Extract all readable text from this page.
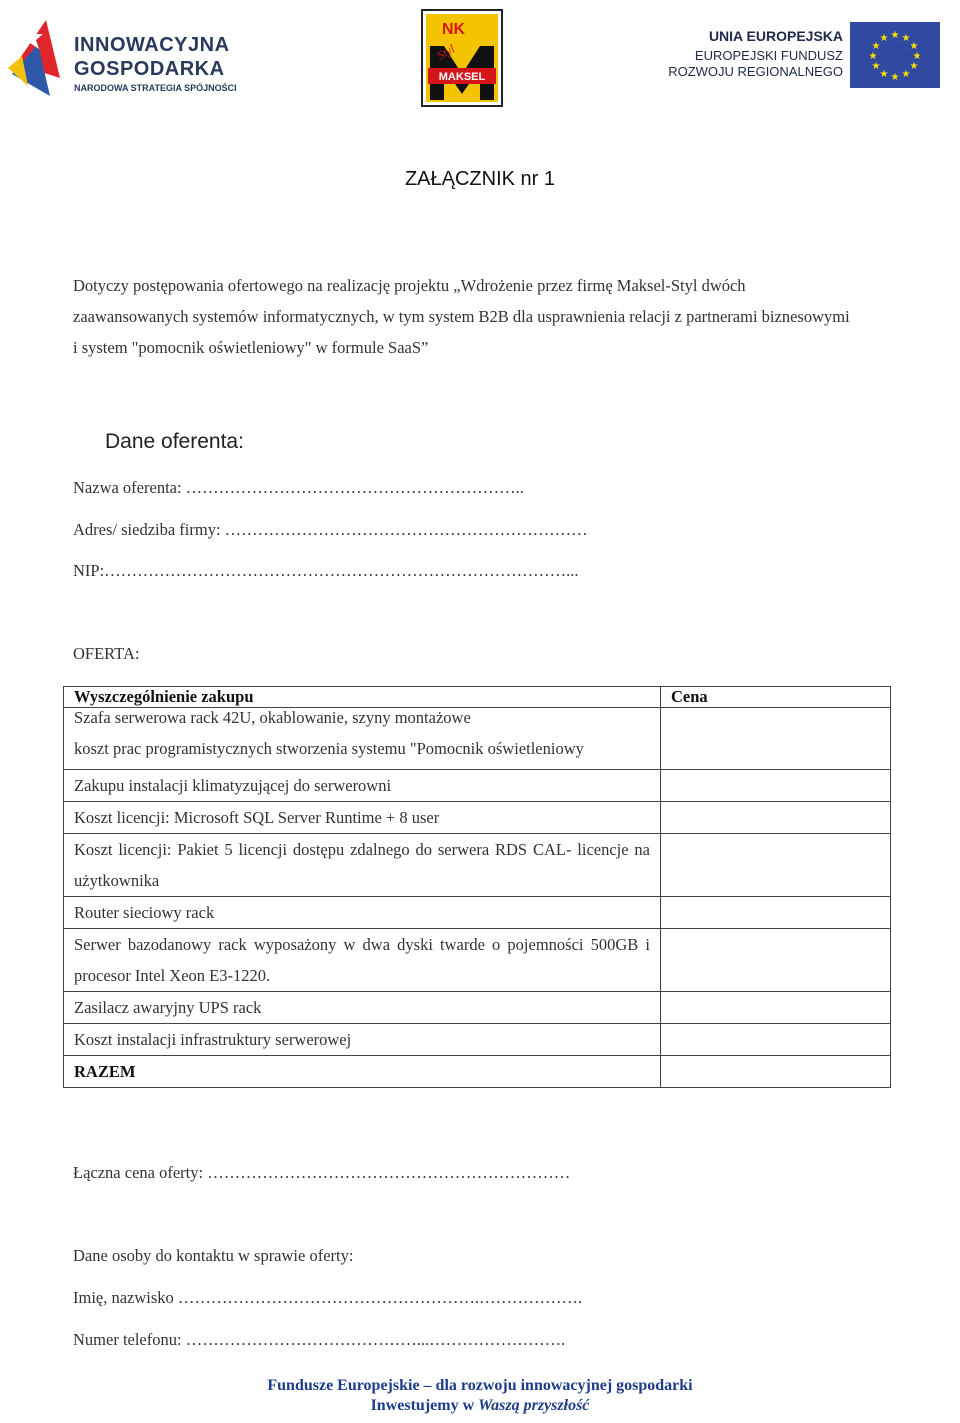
INNOWACYJNA
GOSPODARKA
NARODOWA STRATEGIA SPÓJNOŚCI
MAKSEL
NK
Styl
UNIA EUROPEJSKA
EUROPEJSKI FUNDUSZ
ROZWOJU REGIONALNEGO
★ ★
★
★
★
★
★
★
★
★
★
★
ZAŁĄCZNIK nr 1
Dotyczy postępowania ofertowego na realizację projektu „Wdrożenie przez firmę Maksel-Styl dwóch zaawansowanych systemów informatycznych, w tym system B2B dla usprawnienia relacji z partnerami biznesowymi i system "pomocnik oświetleniowy" w formule SaaS”
Dane oferenta:
Nazwa oferenta: ……………………………………………………..
Adres/ siedziba firmy: …………………………………………………………
NIP:…………………………………………………………………………...
OFERTA:
Wyszczególnienie zakupu	Cena

Szafa serwerowa rack 42U, okablowanie, szyny montażowe
koszt prac programistycznych stworzenia systemu "Pomocnik oświetleniowy	

Zakupu instalacji klimatyzującej do serwerowni	

Koszt licencji: Microsoft SQL Server Runtime + 8 user	

Koszt licencji: Pakiet 5 licencji dostępu zdalnego do serwera RDS CAL- licencje na użytkownika	

Router sieciowy rack	

Serwer bazodanowy rack wyposażony w dwa dyski twarde o pojemności 500GB i procesor Intel Xeon E3-1220.	

Zasilacz awaryjny UPS rack	

Koszt instalacji infrastruktury serwerowej	

RAZEM	

Łączna cena oferty: …………………………………………………………
Dane osoby do kontaktu w sprawie oferty:
Imię, nazwisko ……………………………………………….……………….
Numer telefonu: ……………………………………...…………………….
Fundusze Europejskie – dla rozwoju innowacyjnej gospodarki
Inwestujemy w Waszą przyszłość
